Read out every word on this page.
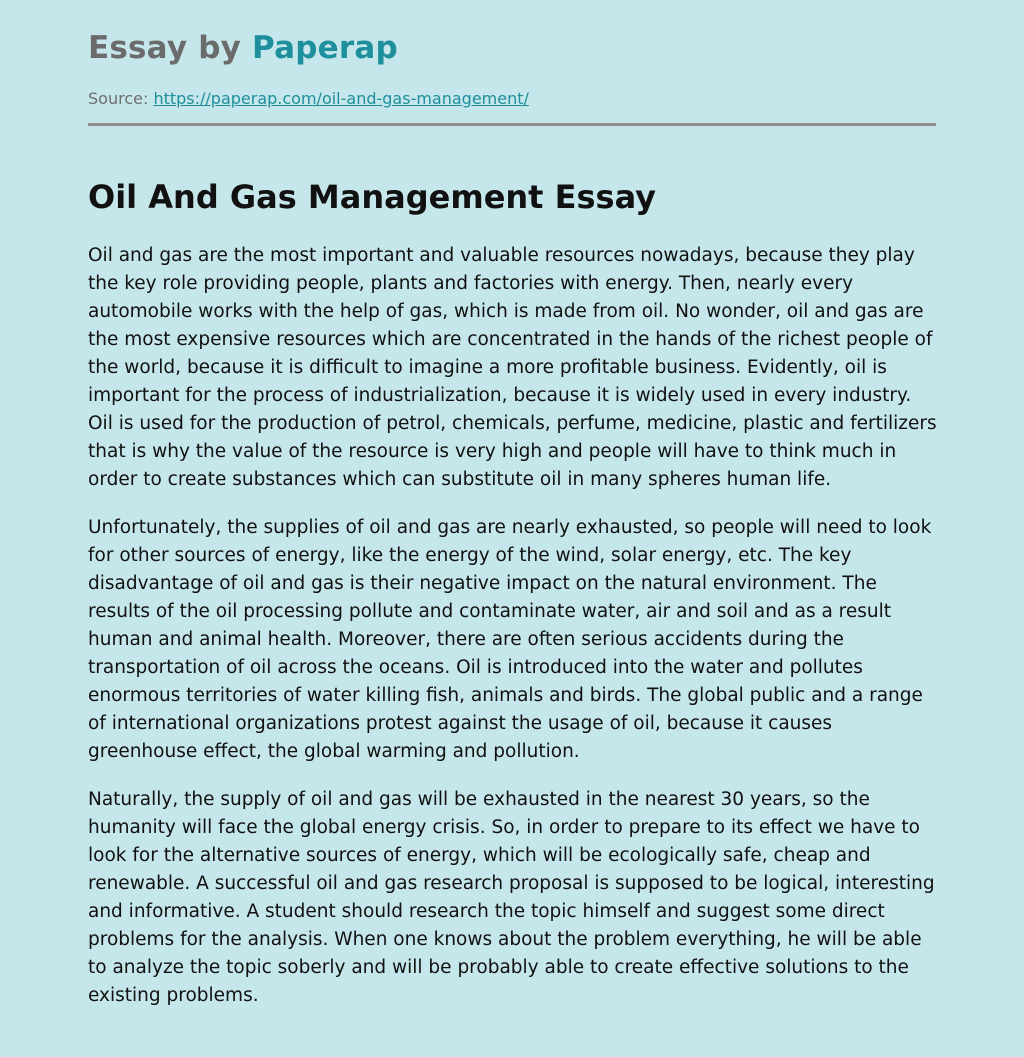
Essay by Paperap
Source: https://paperap.com/oil-and-gas-management/
Oil And Gas Management Essay

Oil and gas are the most important and valuable resources nowadays, because they play the key role providing people, plants and factories with energy. Then, nearly every automobile works with the help of gas, which is made from oil. No wonder, oil and gas are the most expensive resources which are concentrated in the hands of the richest people of the world, because it is difficult to imagine a more profitable business. Evidently, oil is important for the process of industrialization, because it is widely used in every industry. Oil is used for the production of petrol, chemicals, perfume, medicine, plastic and fertilizers that is why the value of the resource is very high and people will have to think much in order to create substances which can substitute oil in many spheres human life.

Unfortunately, the supplies of oil and gas are nearly exhausted, so people will need to look for other sources of energy, like the energy of the wind, solar energy, etc. The key disadvantage of oil and gas is their negative impact on the natural environment. The results of the oil processing pollute and contaminate water, air and soil and as a result human and animal health. Moreover, there are often serious accidents during the transportation of oil across the oceans. Oil is introduced into the water and pollutes enormous territories of water killing fish, animals and birds. The global public and a range of international organizations protest against the usage of oil, because it causes greenhouse effect, the global warming and pollution.

Naturally, the supply of oil and gas will be exhausted in the nearest 30 years, so the humanity will face the global energy crisis. So, in order to prepare to its effect we have to look for the alternative sources of energy, which will be ecologically safe, cheap and renewable. A successful oil and gas research proposal is supposed to be logical, interesting and informative. A student should research the topic himself and suggest some direct problems for the analysis. When one knows about the problem everything, he will be able to analyze the topic soberly and will be probably able to create effective solutions to the existing problems.
